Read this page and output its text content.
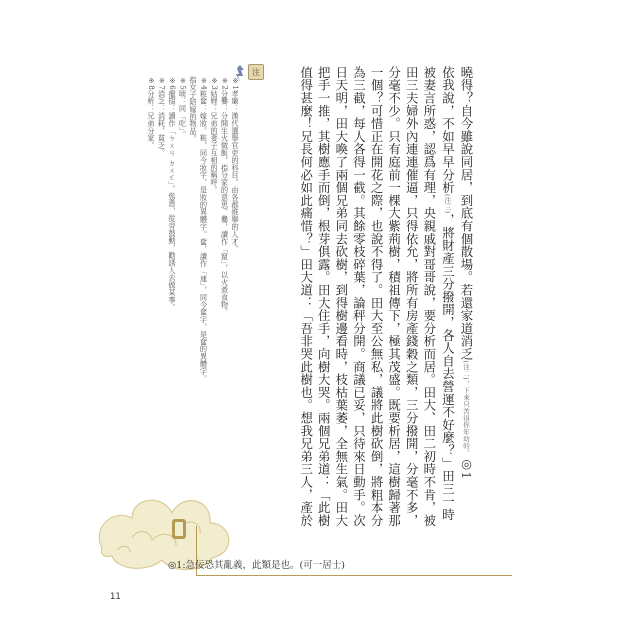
曉得？自今雖說同居，到底有個散場。若還家道消乏(注二)，下來只苦得你年幼的。◎1

依我說，不如早早分析(注三)，將財產三分撥開，各人自去營運不好麼？」田三一時

被妻言所惑，認爲有理，央親戚對哥哥說，要分析而居。田大、田二初時不肯，被田三夫婦外內連連催逼，只得依允，將所有房產錢穀之類，三分撥開，分毫不多，分毫不少。只有庭前一棵大紫荊樹，積祖傳下，極其茂盛。既要析居，這樹歸著那一個？可惜正在開花之際，也說不得了。田大至公無私，議將此樹砍倒，將粗本分為三截，每人各得一截。其餘零枝碎葉，論秤分開。商議已妥，只待來日動手。次日天明，田大喚了兩個兄弟同去砍樹，到得樹邊看時，枝枯葉萎，全無生氣。田大把手一推，其樹應手而倒，根芽俱露。田大住手，向樹大哭。兩個兄弟道：「此樹值得甚麼！兄長何必如此痛惜？」田大道：「吾非哭此樹也。想我兄弟三人，產於

注

※1孝廉：漢代選舉官吏的科目。由各郡推舉的人才。

※2分爨：分開生火做飯，指分家的意思。爨，讀作「竄」，以火煮食物。

※3姑娌：兄弟的妻子互相的稱呼。

※4粧奩：嫁妝。粧，同今妝字，是妝的異體字。奩，讀作「連」，同今奩字，是奩的異體字。

指女子陪嫁的物品。

※5唝：同「吃」。

※6攛掇：讀作「ㄘㄨㄢ ㄉㄨㄛ」。慫恿，從旁鼓動，勸誘人去做某事。

※7消乏：消耗，貧乏。

※8分析：兄弟分家。

◎1:急佞恐其亂義，此類是也。(可一居士)
11
